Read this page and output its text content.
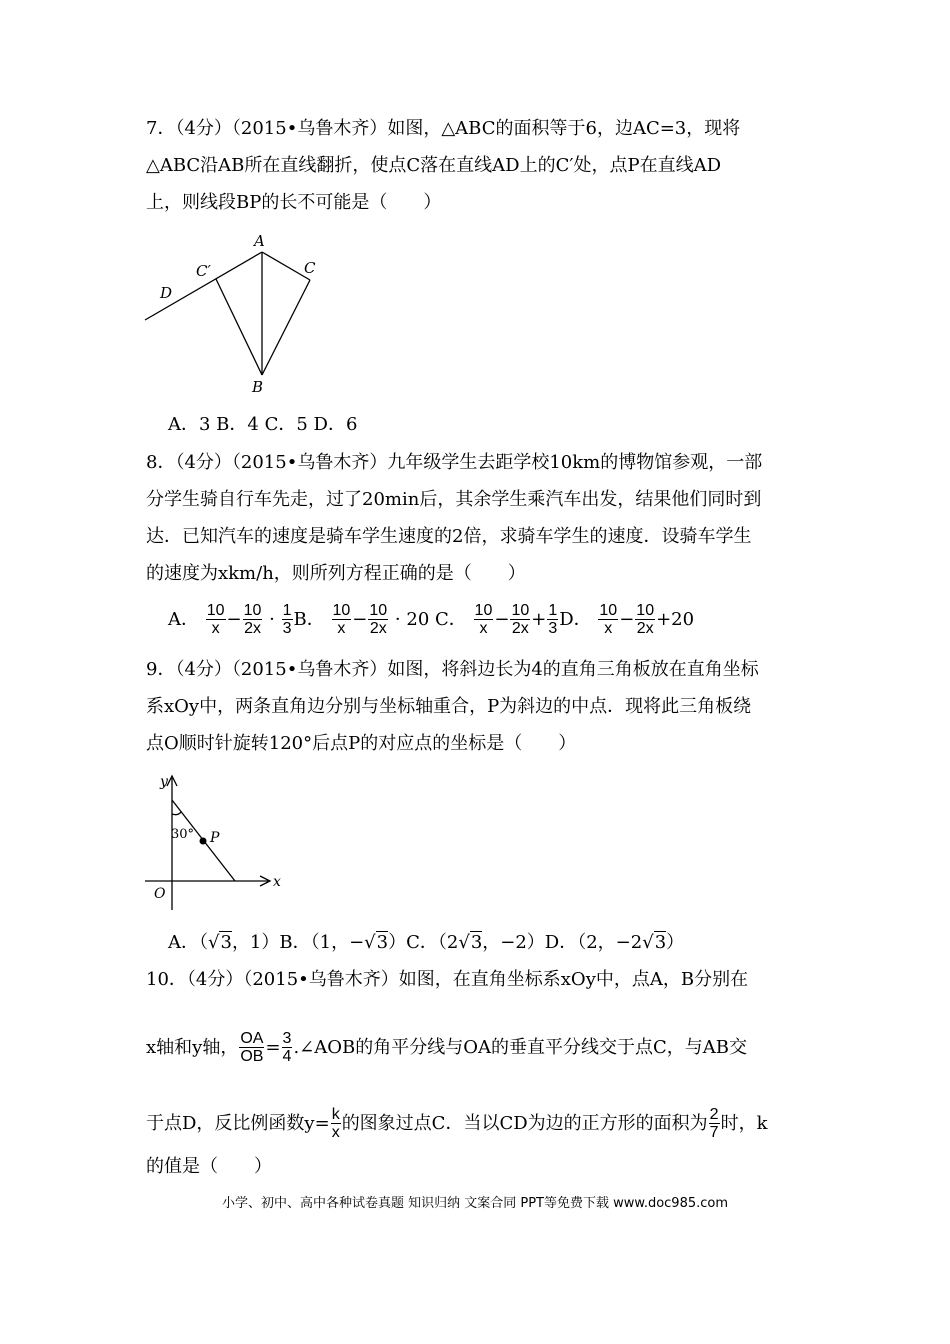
7．（4分）（2015•乌鲁木齐）如图，△ABC的面积等于6，边AC=3，现将
△ABC沿AB所在直线翻折，使点C落在直线AD上的C′处，点P在直线AD
上，则线段BP的长不可能是（　　）
A
C′	C
D
B
A．3 B．4 C．5 D．6
8．（4分）（2015•乌鲁木齐）九年级学生去距学校10km的博物馆参观，一部
分学生骑自行车先走，过了20min后，其余学生乘汽车出发，结果他们同时到
达．已知汽车的速度是骑车学生速度的2倍，求骑车学生的速度．设骑车学生
的速度为xkm/h，则所列方程正确的是（　　）
A． $\frac{10}{x} - \frac{10}{2x} \cdot \frac{1}{3}$ B． $\frac{10}{x} - \frac{10}{2x} \cdot 20$ C． $\frac{10}{x} - \frac{10}{2x} + \frac{1}{3}$ D． $\frac{10}{x} - \frac{10}{2x} +20$
9．（4分）（2015•乌鲁木齐）如图，将斜边长为4的直角三角板放在直角坐标
系xOy中，两条直角边分别与坐标轴重合，P为斜边的中点．现将此三角板绕
点O顺时针旋转120°后点P的对应点的坐标是（　　）
y
x
O
P
30°
A．（√3，1）B．（1，−√3）C．（2√3，−2）D．（2，−2√3）
10．（4分）（2015•乌鲁木齐）如图，在直角坐标系xOy中，点A，B分别在
x轴和y轴， $\frac{OA}{OB} = \frac{3}{4}$ .∠AOB的角平分线与OA的垂直平分线交于点C，与AB交
于点D，反比例函数$y= \frac{k}{x}$ 的图象过点C．当以CD为边的正方形的面积为 $\frac{2}{7}$ 时，k
的值是（　　）
小学、初中、高中各种试卷真题 知识归纳 文案合同 PPT等免费下载 www.doc985.com
